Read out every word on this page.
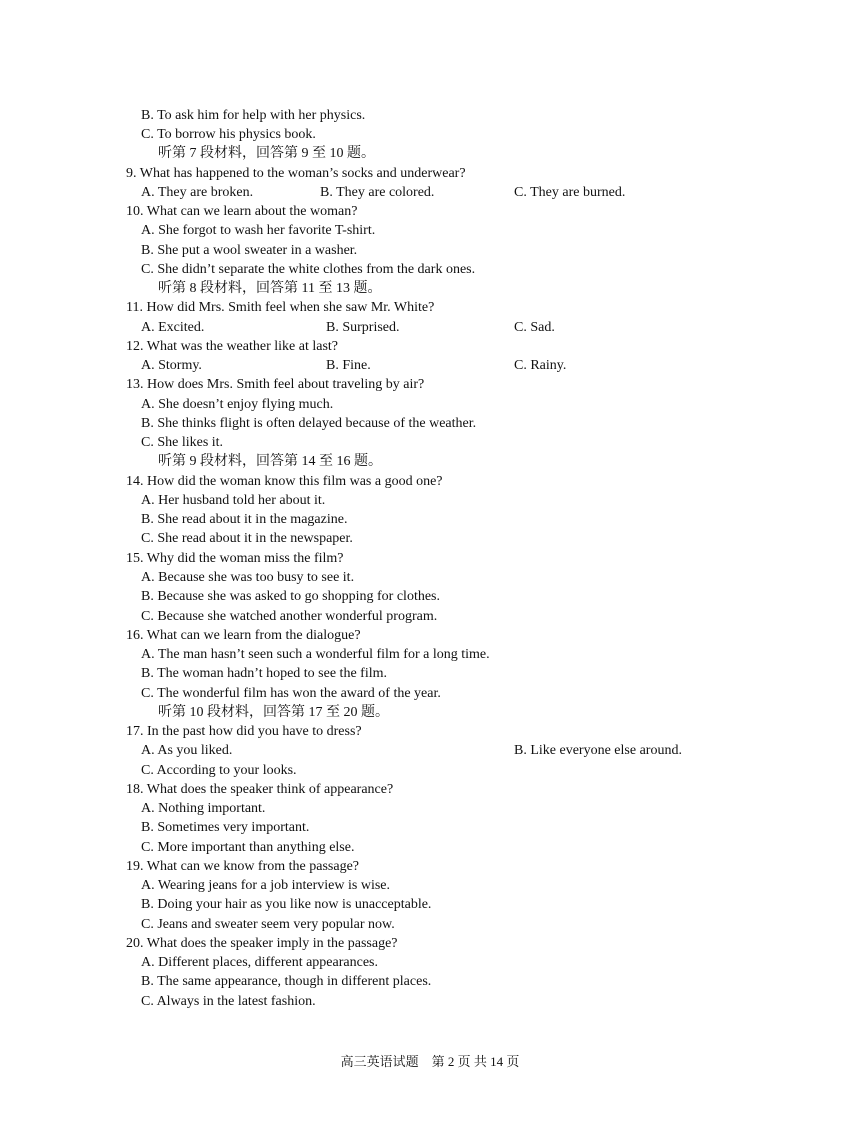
B. To ask him for help with her physics.
C. To borrow his physics book.
听第 7 段材料，回答第 9 至 10 题。
9. What has happened to the woman’s socks and underwear?
A. They are broken.	B. They are colored.	C. They are burned.
10. What can we learn about the woman?
A. She forgot to wash her favorite T-shirt.
B. She put a wool sweater in a washer.
C. She didn’t separate the white clothes from the dark ones.
听第 8 段材料，回答第 11 至 13 题。
11. How did Mrs. Smith feel when she saw Mr. White?
A. Excited.	B. Surprised.	C. Sad.
12. What was the weather like at last?
A. Stormy.	B. Fine.	C. Rainy.
13. How does Mrs. Smith feel about traveling by air?
A. She doesn’t enjoy flying much.
B. She thinks flight is often delayed because of the weather.
C. She likes it.
听第 9 段材料，回答第 14 至 16 题。
14. How did the woman know this film was a good one?
A. Her husband told her about it.
B. She read about it in the magazine.
C. She read about it in the newspaper.
15. Why did the woman miss the film?
A. Because she was too busy to see it.
B. Because she was asked to go shopping for clothes.
C. Because she watched another wonderful program.
16. What can we learn from the dialogue?
A. The man hasn’t seen such a wonderful film for a long time.
B. The woman hadn’t hoped to see the film.
C. The wonderful film has won the award of the year.
听第 10 段材料，回答第 17 至 20 题。
17. In the past how did you have to dress?
A. As you liked.	B. Like everyone else around.
C. According to your looks.
18. What does the speaker think of appearance?
A. Nothing important.
B. Sometimes very important.
C. More important than anything else.
19. What can we know from the passage?
A. Wearing jeans for a job interview is wise.
B. Doing your hair as you like now is unacceptable.
C. Jeans and sweater seem very popular now.
20. What does the speaker imply in the passage?
A. Different places, different appearances.
B. The same appearance, though in different places.
C. Always in the latest fashion.
高三英语试题　第 2 页 共 14 页
